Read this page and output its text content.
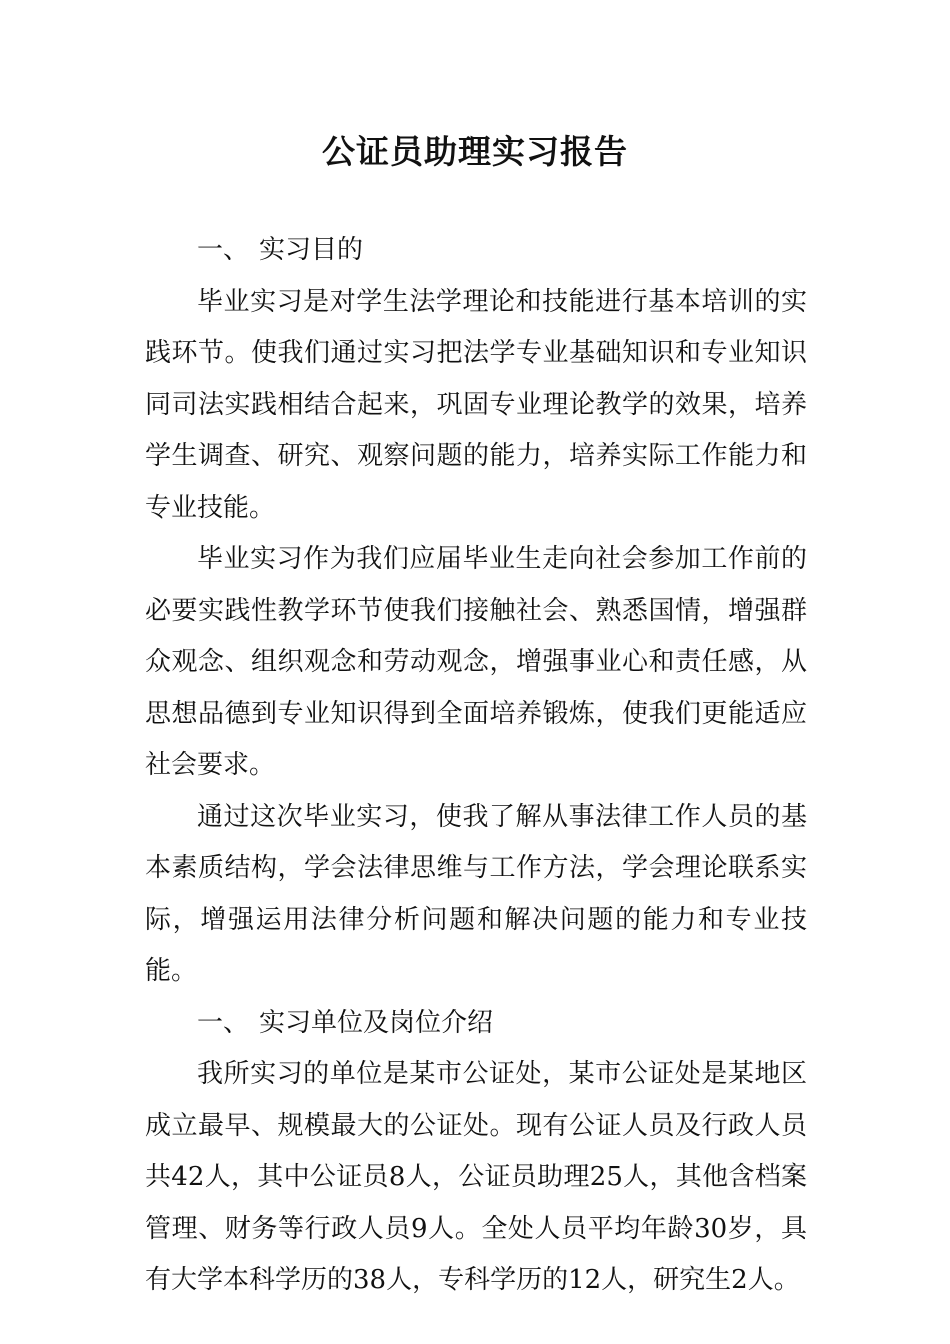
公证员助理实习报告

一、 实习目的

毕业实习是对学生法学理论和技能进行基本培训的实践环节。使我们通过实习把法学专业基础知识和专业知识同司法实践相结合起来，巩固专业理论教学的效果，培养学生调查、研究、观察问题的能力，培养实际工作能力和专业技能。

毕业实习作为我们应届毕业生走向社会参加工作前的必要实践性教学环节使我们接触社会、熟悉国情，增强群众观念、组织观念和劳动观念，增强事业心和责任感，从思想品德到专业知识得到全面培养锻炼，使我们更能适应社会要求。

通过这次毕业实习，使我了解从事法律工作人员的基本素质结构，学会法律思维与工作方法，学会理论联系实际，增强运用法律分析问题和解决问题的能力和专业技能。

一、 实习单位及岗位介绍

我所实习的单位是某市公证处，某市公证处是某地区成立最早、规模最大的公证处。现有公证人员及行政人员共42人，其中公证员8人，公证员助理25人，其他含档案管理、财务等行政人员9人。全处人员平均年龄30岁，具有大学本科学历的38人，专科学历的12人，研究生2人。
